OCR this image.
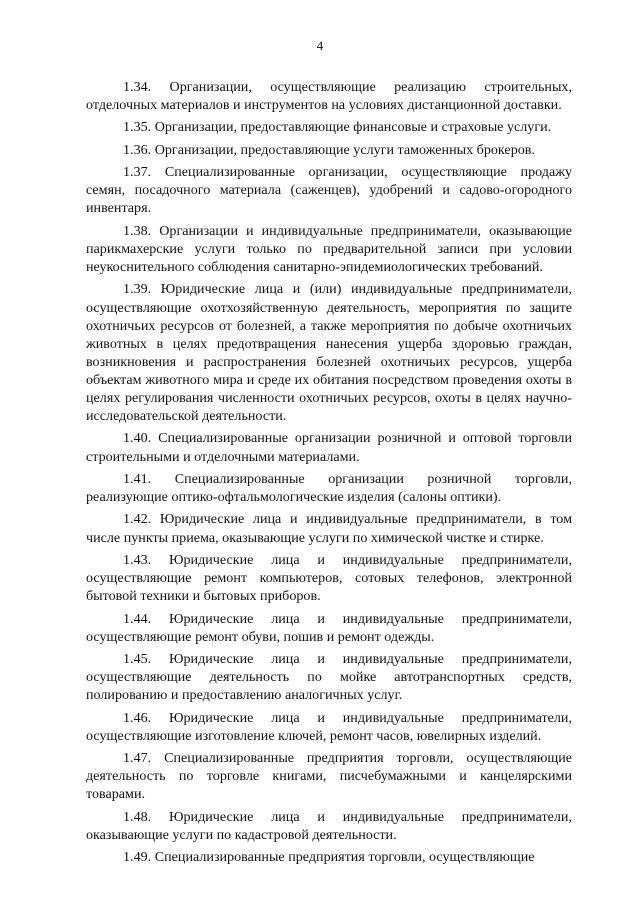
4

1.34. Организации, осуществляющие реализацию строительных, отделочных материалов и инструментов на условиях дистанционной доставки.

1.35. Организации, предоставляющие финансовые и страховые услуги.

1.36. Организации, предоставляющие услуги таможенных брокеров.

1.37. Специализированные организации, осуществляющие продажу семян, посадочного материала (саженцев), удобрений и садово-огородного инвентаря.

1.38. Организации и индивидуальные предприниматели, оказывающие парикмахерские услуги только по предварительной записи при условии неукоснительного соблюдения санитарно-эпидемиологических требований.

1.39. Юридические лица и (или) индивидуальные предприниматели, осуществляющие охотхозяйственную деятельность, мероприятия по защите охотничьих ресурсов от болезней, а также мероприятия по добыче охотничьих животных в целях предотвращения нанесения ущерба здоровью граждан, возникновения и распространения болезней охотничьих ресурсов, ущерба объектам животного мира и среде их обитания посредством проведения охоты в целях регулирования численности охотничьих ресурсов, охоты в целях научно-исследовательской деятельности.

1.40. Специализированные организации розничной и оптовой торговли строительными и отделочными материалами.

1.41. Специализированные организации розничной торговли, реализующие оптико-офтальмологические изделия (салоны оптики).

1.42. Юридические лица и индивидуальные предприниматели, в том числе пункты приема, оказывающие услуги по химической чистке и стирке.

1.43. Юридические лица и индивидуальные предприниматели, осуществляющие ремонт компьютеров, сотовых телефонов, электронной бытовой техники и бытовых приборов.

1.44. Юридические лица и индивидуальные предприниматели, осуществляющие ремонт обуви, пошив и ремонт одежды.

1.45. Юридические лица и индивидуальные предприниматели, осуществляющие деятельность по мойке автотранспортных средств, полированию и предоставлению аналогичных услуг.

1.46. Юридические лица и индивидуальные предприниматели, осуществляющие изготовление ключей, ремонт часов, ювелирных изделий.

1.47. Специализированные предприятия торговли, осуществляющие деятельность по торговле книгами, писчебумажными и канцелярскими товарами.

1.48. Юридические лица и индивидуальные предприниматели, оказывающие услуги по кадастровой деятельности.

1.49. Специализированные предприятия торговли, осуществляющие
